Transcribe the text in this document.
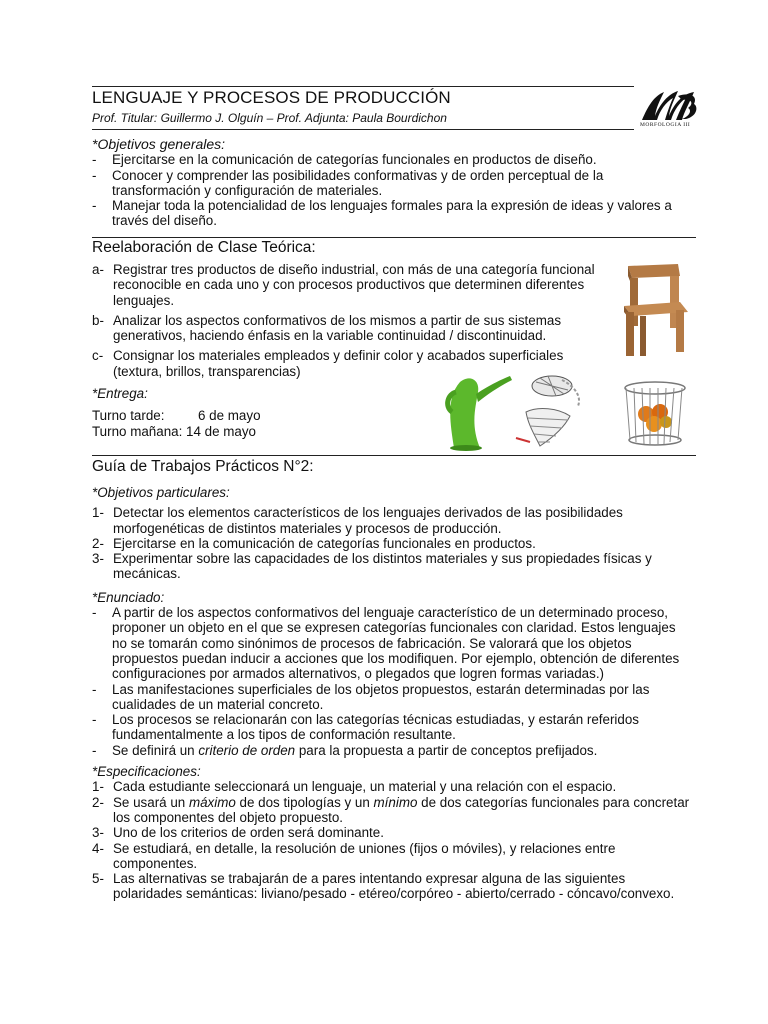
LENGUAJE Y PROCESOS DE PRODUCCIÓN
Prof. Titular: Guillermo J. Olguín – Prof. Adjunta: Paula Bourdichon	MORFOLOGIA III
*Objetivos generales:
-	Ejercitarse en la comunicación de categorías funcionales en productos de diseño.
-	Conocer y comprender las posibilidades conformativas y de orden perceptual de la transformación y configuración de materiales.
-	Manejar toda la potencialidad de los lenguajes formales para la expresión de ideas y valores a través del diseño.
Reelaboración de Clase Teórica:
a- Registrar tres productos de diseño industrial, con más de una categoría funcional reconocible en cada uno y con procesos productivos que determinen diferentes lenguajes.
b- Analizar los aspectos conformativos de los mismos a partir de sus sistemas generativos, haciendo énfasis en la variable continuidad / discontinuidad.
c- Consignar los materiales empleados y definir color y acabados superficiales (textura, brillos, transparencias)
*Entrega:
Turno tarde:	6 de mayo
Turno mañana: 14 de mayo
Guía de Trabajos Prácticos N°2:
*Objetivos particulares:
1- Detectar los elementos característicos de los lenguajes derivados de las posibilidades morfogenéticas de distintos materiales y procesos de producción.
2- Ejercitarse en la comunicación de categorías funcionales en productos.
3- Experimentar sobre las capacidades de los distintos materiales y sus propiedades físicas y mecánicas.
*Enunciado:
-	A partir de los aspectos conformativos del lenguaje característico de un determinado proceso, proponer un objeto en el que se expresen categorías funcionales con claridad. Estos lenguajes no se tomarán como sinónimos de procesos de fabricación. Se valorará que los objetos propuestos puedan inducir a acciones que los modifiquen. Por ejemplo, obtención de diferentes configuraciones por armados alternativos, o plegados que logren formas variadas.)
-	Las manifestaciones superficiales de los objetos propuestos, estarán determinadas por las cualidades de un material concreto.
-	Los procesos se relacionarán con las categorías técnicas estudiadas, y estarán referidos fundamentalmente a los tipos de conformación resultante.
-	Se definirá un criterio de orden para la propuesta a partir de conceptos prefijados.
*Especificaciones:
1- Cada estudiante seleccionará un lenguaje, un material y una relación con el espacio.
2- Se usará un máximo de dos tipologías y un mínimo de dos categorías funcionales para concretar los componentes del objeto propuesto.
3- Uno de los criterios de orden será dominante.
4- Se estudiará, en detalle, la resolución de uniones (fijos o móviles), y relaciones entre componentes.
5- Las alternativas se trabajarán de a pares intentando expresar alguna de las siguientes polaridades semánticas: liviano/pesado - etéreo/corpóreo - abierto/cerrado - cóncavo/convexo.
